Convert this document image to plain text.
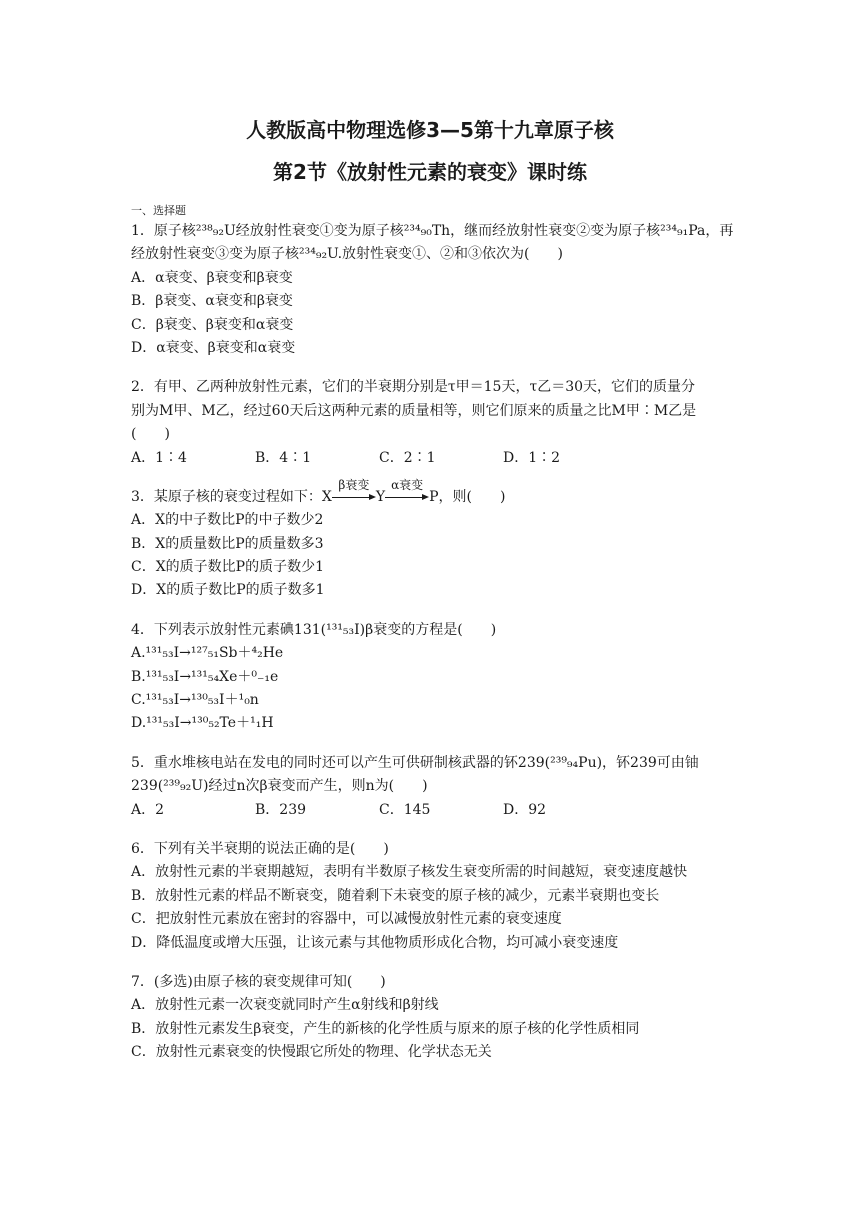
人教版高中物理选修3—5第十九章原子核
第2节《放射性元素的衰变》课时练
一、选择题
1．原子核²³⁸₉₂U经放射性衰变①变为原子核²³⁴₉₀Th，继而经放射性衰变②变为原子核²³⁴₉₁Pa，再
经放射性衰变③变为原子核²³⁴₉₂U.放射性衰变①、②和③依次为(　　)
A．α衰变、β衰变和β衰变
B．β衰变、α衰变和β衰变
C．β衰变、β衰变和α衰变
D．α衰变、β衰变和α衰变
2．有甲、乙两种放射性元素，它们的半衰期分别是τ甲＝15天，τ乙＝30天，它们的质量分
别为M甲、M乙，经过60天后这两种元素的质量相等，则它们原来的质量之比M甲∶M乙是
(　　)
A．1∶4	B．4∶1	C．2∶1	D．1∶2
3．某原子核的衰变过程如下：X
β衰变
Y
α衰变
P，则(　　)
A．X的中子数比P的中子数少2
B．X的质量数比P的质量数多3
C．X的质子数比P的质子数少1
D．X的质子数比P的质子数多1
4．下列表示放射性元素碘131(¹³¹₅₃I)β衰变的方程是(　　)
A.¹³¹₅₃I→¹²⁷₅₁Sb＋⁴₂He
B.¹³¹₅₃I→¹³¹₅₄Xe＋⁰₋₁e
C.¹³¹₅₃I→¹³⁰₅₃I＋¹₀n
D.¹³¹₅₃I→¹³⁰₅₂Te＋¹₁H
5．重水堆核电站在发电的同时还可以产生可供研制核武器的钚239(²³⁹₉₄Pu)，钚239可由铀
239(²³⁹₉₂U)经过n次β衰变而产生，则n为(　　)
A．2	B．239	C．145	D．92
6．下列有关半衰期的说法正确的是(　　)
A．放射性元素的半衰期越短，表明有半数原子核发生衰变所需的时间越短，衰变速度越快
B．放射性元素的样品不断衰变，随着剩下未衰变的原子核的减少，元素半衰期也变长
C．把放射性元素放在密封的容器中，可以减慢放射性元素的衰变速度
D．降低温度或增大压强，让该元素与其他物质形成化合物，均可减小衰变速度
7．(多选)由原子核的衰变规律可知(　　)
A．放射性元素一次衰变就同时产生α射线和β射线
B．放射性元素发生β衰变，产生的新核的化学性质与原来的原子核的化学性质相同
C．放射性元素衰变的快慢跟它所处的物理、化学状态无关
